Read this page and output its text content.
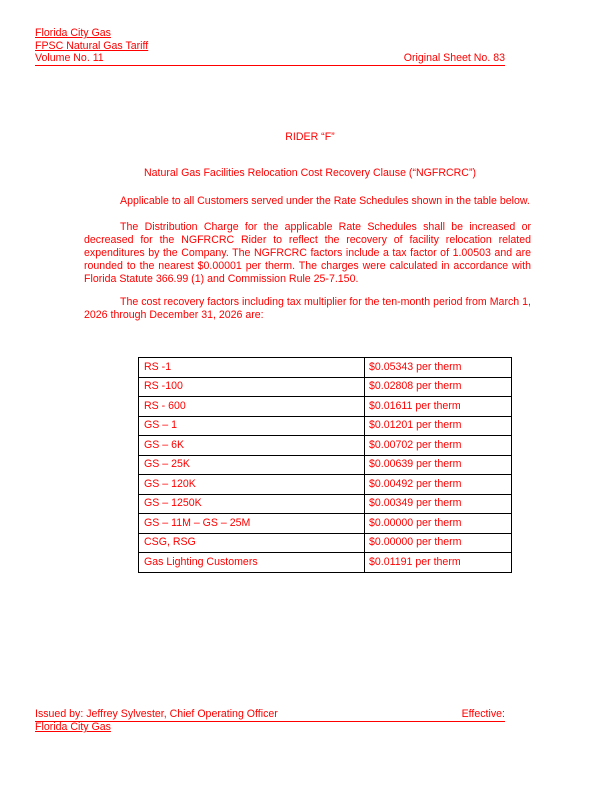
Florida City Gas
FPSC Natural Gas Tariff
Volume No. 11	Original Sheet No. 83
RIDER “F”
Natural Gas Facilities Relocation Cost Recovery Clause (“NGFRCRC”)
Applicable to all Customers served under the Rate Schedules shown in the table below.
The Distribution Charge for the applicable Rate Schedules shall be increased or decreased for the NGFRCRC Rider to reflect the recovery of facility relocation related expenditures by the Company. The NGFRCRC factors include a tax factor of 1.00503 and are rounded to the nearest $0.00001 per therm. The charges were calculated in accordance with Florida Statute 366.99 (1) and Commission Rule 25-7.150.
The cost recovery factors including tax multiplier for the ten-month period from March 1, 2026 through December 31, 2026 are:
RS -1	$0.05343 per therm
RS -100	$0.02808 per therm
RS - 600	$0.01611 per therm
GS – 1	$0.01201 per therm
GS – 6K	$0.00702 per therm
GS – 25K	$0.00639 per therm
GS – 120K	$0.00492 per therm
GS – 1250K	$0.00349 per therm
GS – 11M – GS – 25M	$0.00000 per therm
CSG, RSG	$0.00000 per therm
Gas Lighting Customers	$0.01191 per therm
Issued by: Jeffrey Sylvester, Chief Operating Officer	Effective:
Florida City Gas
